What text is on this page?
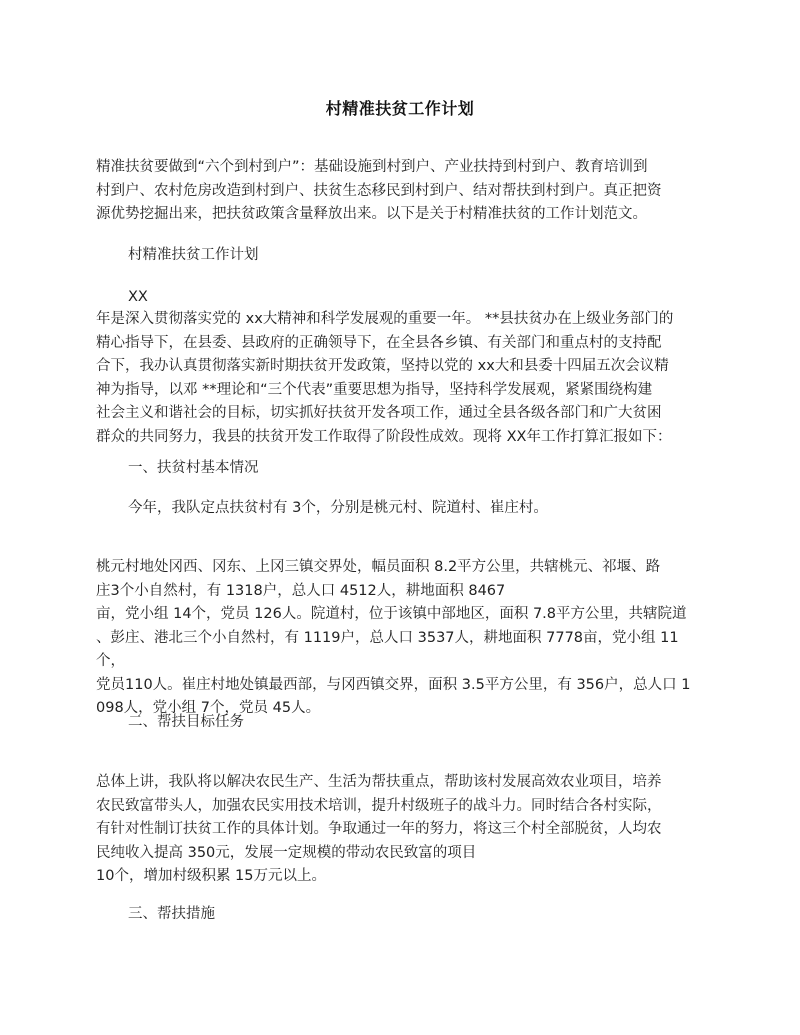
村精准扶贫工作计划
精准扶贫要做到“六个到村到户”：基础设施到村到户、产业扶持到村到户、教育培训到
村到户、农村危房改造到村到户、扶贫生态移民到村到户、结对帮扶到村到户。真正把资
源优势挖掘出来，把扶贫政策含量释放出来。以下是关于村精准扶贫的工作计划范文。
村精准扶贫工作计划
XX
年是深入贯彻落实党的 xx大精神和科学发展观的重要一年。 **县扶贫办在上级业务部门的
精心指导下，在县委、县政府的正确领导下，在全县各乡镇、有关部门和重点村的支持配
合下，我办认真贯彻落实新时期扶贫开发政策，坚持以党的 xx大和县委十四届五次会议精
神为指导，以邓 **理论和“三个代表”重要思想为指导，坚持科学发展观，紧紧围绕构建
社会主义和谐社会的目标，切实抓好扶贫开发各项工作，通过全县各级各部门和广大贫困
群众的共同努力，我县的扶贫开发工作取得了阶段性成效。现将 XX年工作打算汇报如下：
一、扶贫村基本情况
今年，我队定点扶贫村有 3个，分别是桃元村、院道村、崔庄村。
桃元村地处冈西、冈东、上冈三镇交界处，幅员面积 8.2平方公里，共辖桃元、祁堰、路
庄3个小自然村，有 1318户，总人口 4512人，耕地面积 8467
亩，党小组 14个，党员 126人。院道村，位于该镇中部地区，面积 7.8平方公里，共辖院道
、彭庄、港北三个小自然村，有 1119户，总人口 3537人，耕地面积 7778亩，党小组 11个，
党员110人。崔庄村地处镇最西部，与冈西镇交界，面积 3.5平方公里，有 356户，总人口 1
098人，党小组 7个，党员 45人。
二、帮扶目标任务
总体上讲，我队将以解决农民生产、生活为帮扶重点，帮助该村发展高效农业项目，培养
农民致富带头人，加强农民实用技术培训，提升村级班子的战斗力。同时结合各村实际，
有针对性制订扶贫工作的具体计划。争取通过一年的努力，将这三个村全部脱贫，人均农
民纯收入提高 350元，发展一定规模的带动农民致富的项目
10个，增加村级积累 15万元以上。
三、帮扶措施
